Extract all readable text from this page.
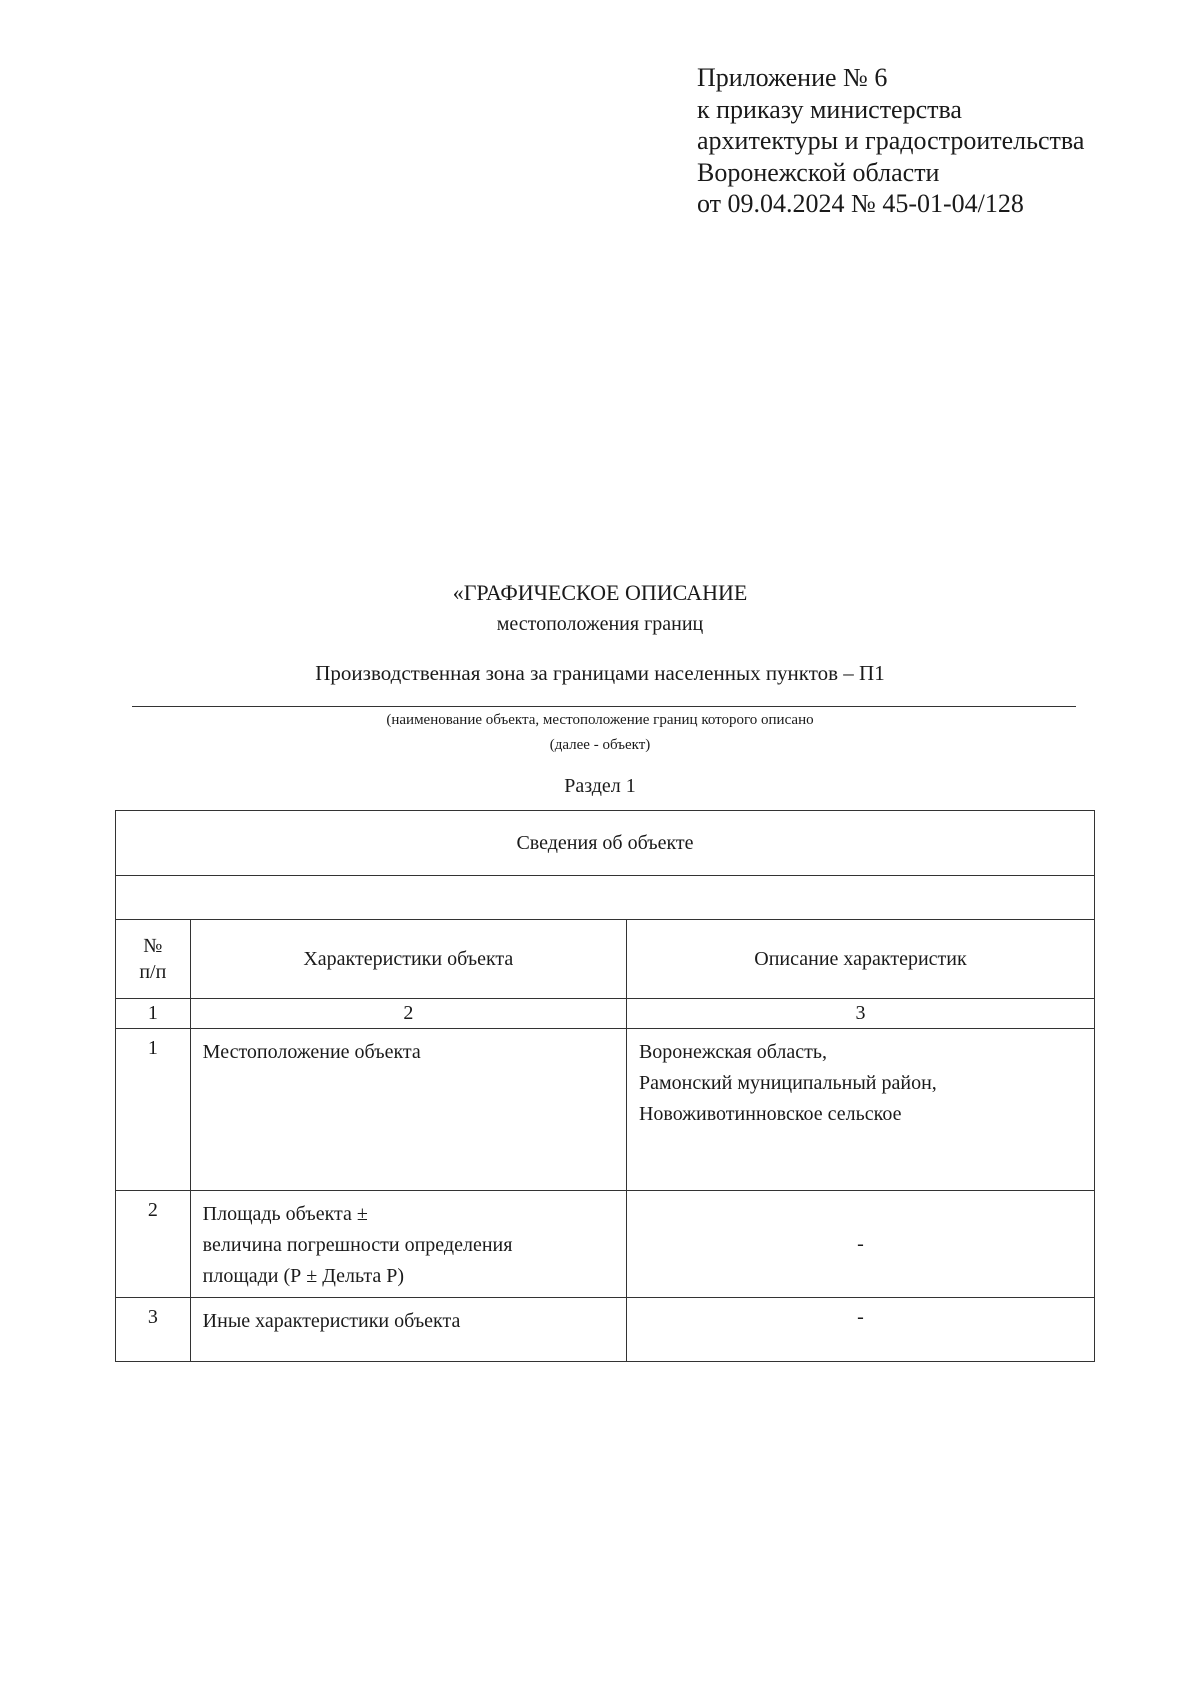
Приложение № 6
к приказу министерства
архитектуры и градостроительства
Воронежской области
от 09.04.2024 № 45-01-04/128
«ГРАФИЧЕСКОЕ ОПИСАНИЕ
местоположения границ
Производственная зона за границами населенных пунктов – П1
(наименование объекта, местоположение границ которого описано
(далее - объект)
Раздел 1
Сведения об объекте		

№
п/п	Характеристики объекта	Описание характеристик
1	2	3
1	Местоположение объекта	Воронежская область,
Рамонский муниципальный район,
Новоживотинновское сельское

2	Площадь объекта ±
величина погрешности определения
площади (Р ± Дельта Р)	-
3	Иные характеристики объекта	-
